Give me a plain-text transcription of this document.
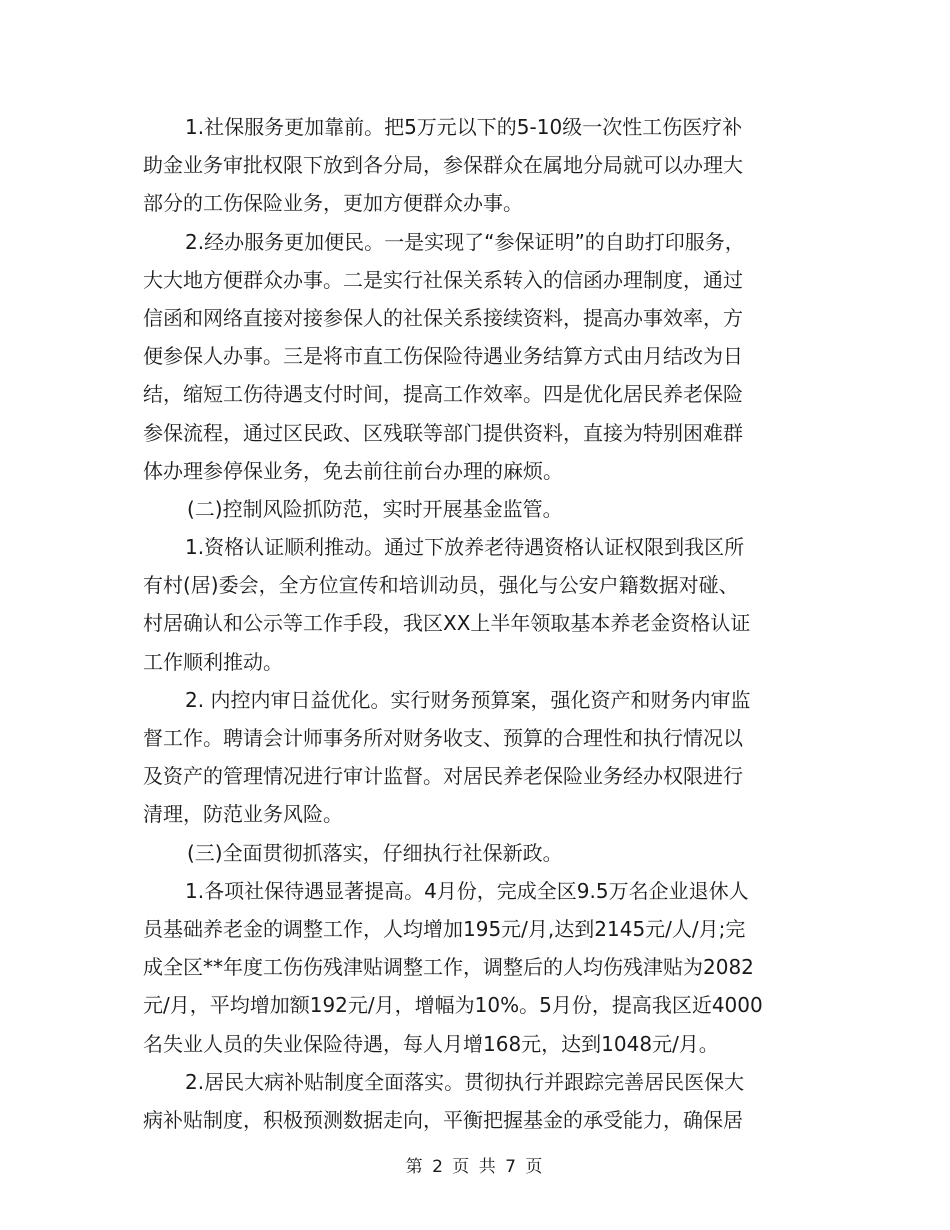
1.社保服务更加靠前。把5万元以下的5-10级一次性工伤医疗补
助金业务审批权限下放到各分局，参保群众在属地分局就可以办理大
部分的工伤保险业务，更加方便群众办事。
2.经办服务更加便民。一是实现了“参保证明”的自助打印服务，
大大地方便群众办事。二是实行社保关系转入的信函办理制度，通过
信函和网络直接对接参保人的社保关系接续资料，提高办事效率，方
便参保人办事。三是将市直工伤保险待遇业务结算方式由月结改为日
结，缩短工伤待遇支付时间，提高工作效率。四是优化居民养老保险
参保流程，通过区民政、区残联等部门提供资料，直接为特别困难群
体办理参停保业务，免去前往前台办理的麻烦。
(二)控制风险抓防范，实时开展基金监管。
1.资格认证顺利推动。通过下放养老待遇资格认证权限到我区所
有村(居)委会，全方位宣传和培训动员，强化与公安户籍数据对碰、
村居确认和公示等工作手段，我区XX上半年领取基本养老金资格认证
工作顺利推动。
2. 内控内审日益优化。实行财务预算案，强化资产和财务内审监
督工作。聘请会计师事务所对财务收支、预算的合理性和执行情况以
及资产的管理情况进行审计监督。对居民养老保险业务经办权限进行
清理，防范业务风险。
(三)全面贯彻抓落实，仔细执行社保新政。
1.各项社保待遇显著提高。4月份，完成全区9.5万名企业退休人
员基础养老金的调整工作，人均增加195元/月,达到2145元/人/月;完
成全区**年度工伤伤残津贴调整工作，调整后的人均伤残津贴为2082
元/月，平均增加额192元/月，增幅为10%。5月份，提高我区近4000
名失业人员的失业保险待遇，每人月增168元，达到1048元/月。
2.居民大病补贴制度全面落实。贯彻执行并跟踪完善居民医保大
病补贴制度，积极预测数据走向，平衡把握基金的承受能力，确保居
第 2 页 共 7 页
